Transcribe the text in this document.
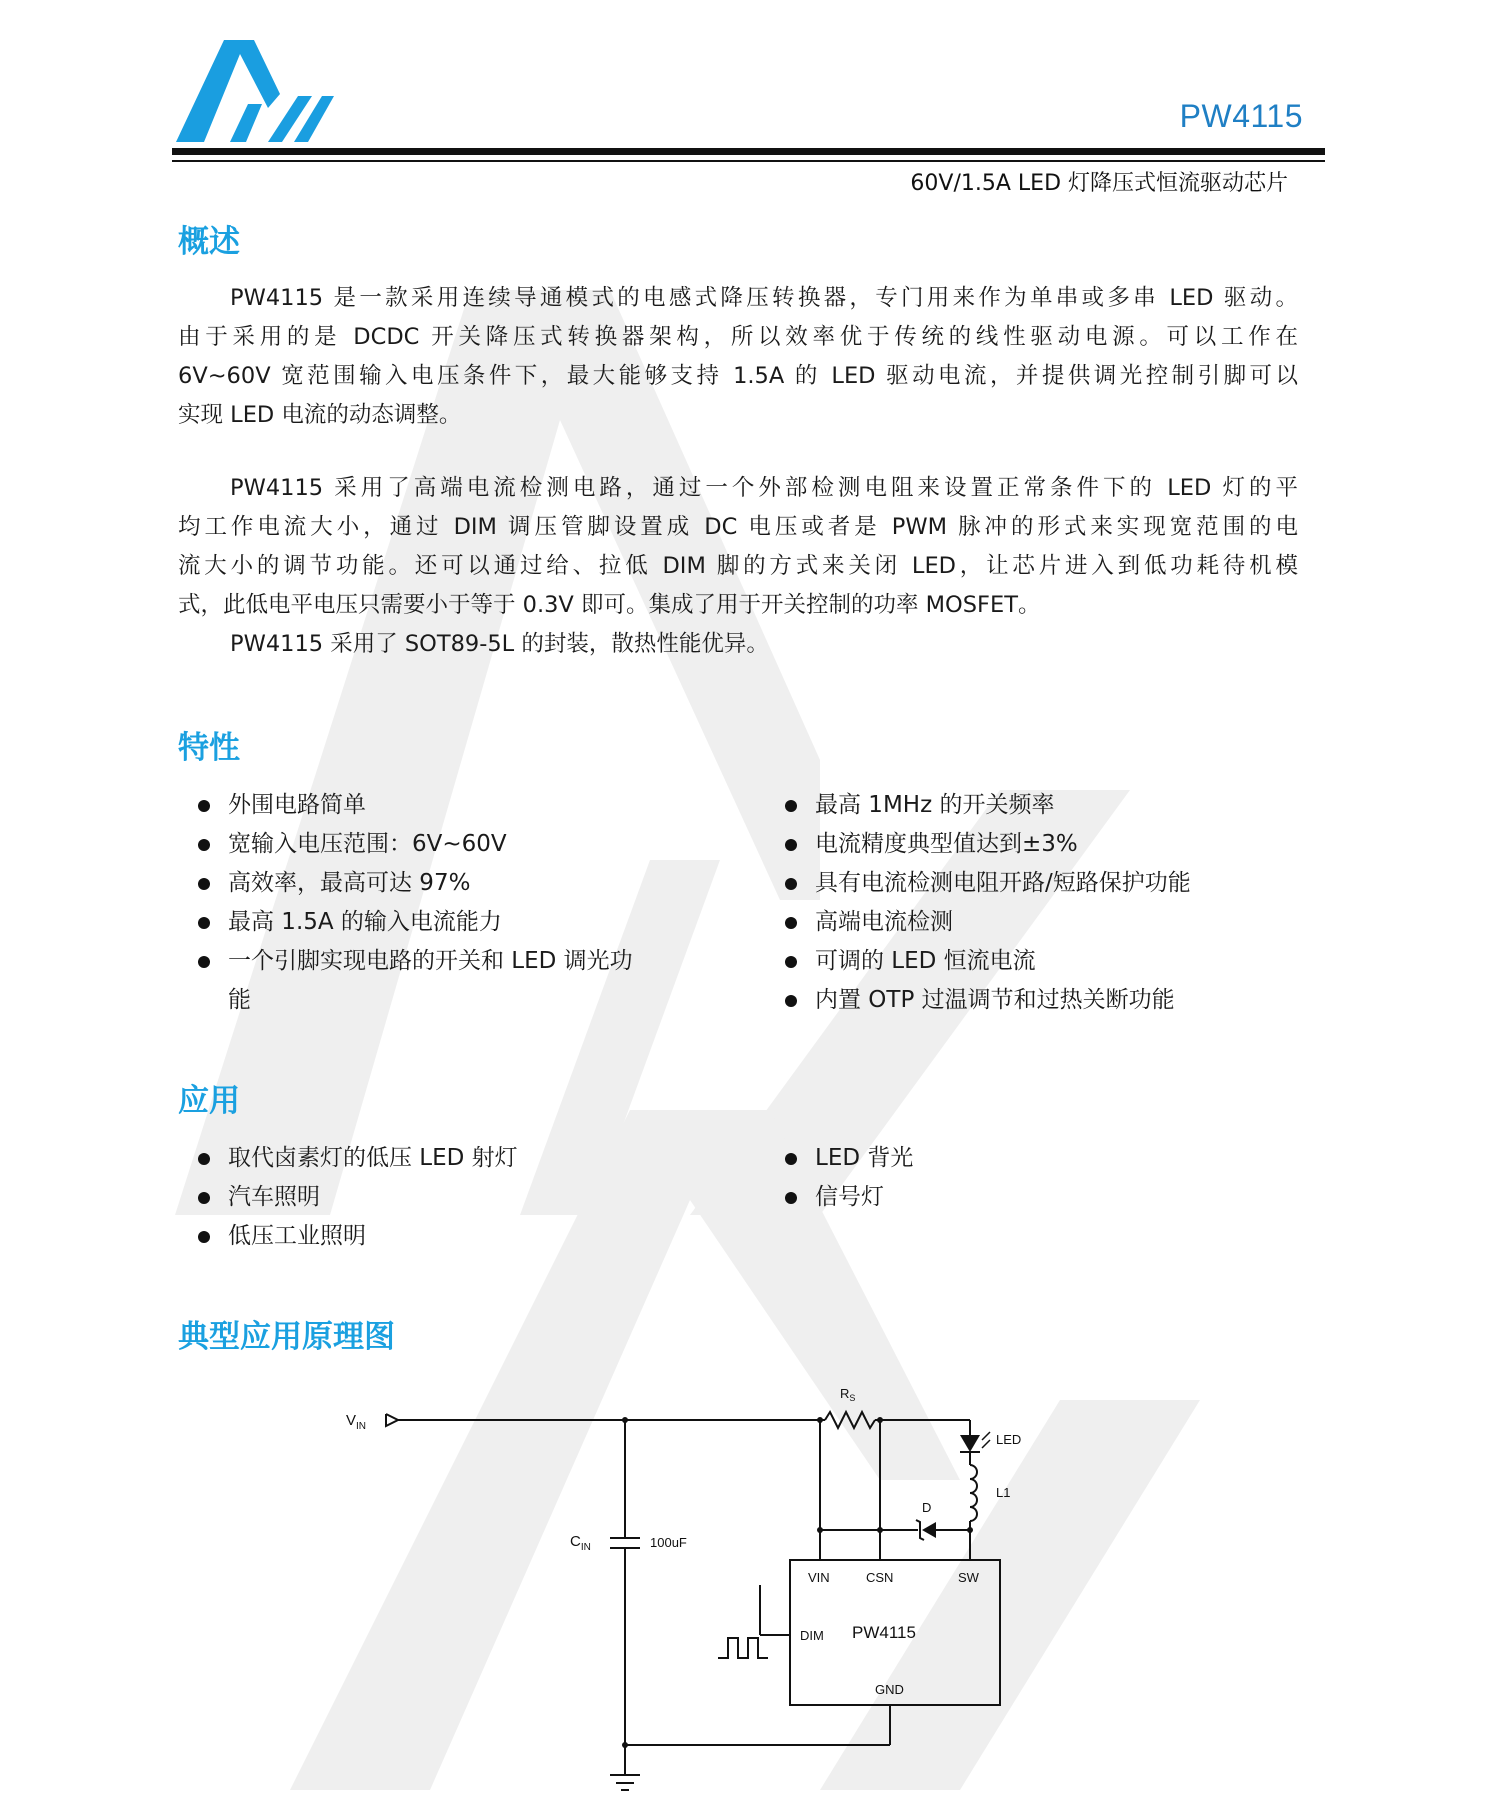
PW4115
60V/1.5A LED 灯降压式恒流驱动芯片
概述
PW4115 是一款采用连续导通模式的电感式降压转换器，专门用来作为单串或多串 LED 驱动。
由于采用的是 DCDC 开关降压式转换器架构，所以效率优于传统的线性驱动电源。可以工作在
6V~60V 宽范围输入电压条件下，最大能够支持 1.5A 的 LED 驱动电流，并提供调光控制引脚可以
实现 LED 电流的动态调整。
PW4115 采用了高端电流检测电路，通过一个外部检测电阻来设置正常条件下的 LED 灯的平
均工作电流大小，通过 DIM 调压管脚设置成 DC 电压或者是 PWM 脉冲的形式来实现宽范围的电
流大小的调节功能。还可以通过给、拉低 DIM 脚的方式来关闭 LED，让芯片进入到低功耗待机模
式，此低电平电压只需要小于等于 0.3V 即可。集成了用于开关控制的功率 MOSFET。
PW4115 采用了 SOT89-5L 的封装，散热性能优异。
特性
外围电路简单
宽输入电压范围：6V~60V
高效率，最高可达 97%
最高 1.5A 的输入电流能力
一个引脚实现电路的开关和 LED 调光功
能
最高 1MHz 的开关频率
电流精度典型值达到±3%
具有电流检测电阻开路/短路保护功能
高端电流检测
可调的 LED 恒流电流
内置 OTP 过温调节和过热关断功能
应用
取代卤素灯的低压 LED 射灯
汽车照明
低压工业照明
LED 背光
信号灯
典型应用原理图
$V_{IN}$
$R_S$
$C_{IN}$	100uF
LED
L1
D
VIN	CSN	SW
DIM PW4115
GND
